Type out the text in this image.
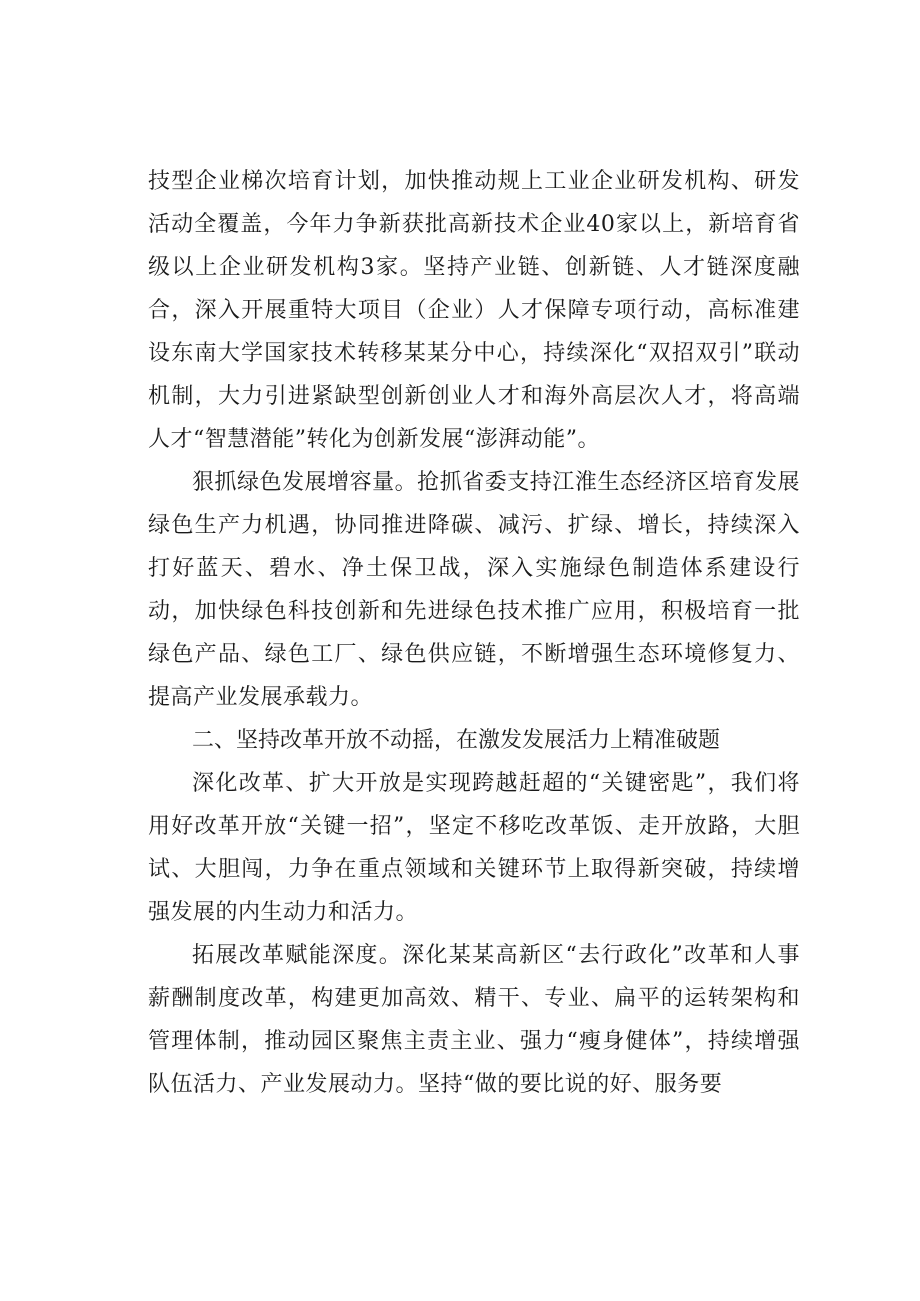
技型企业梯次培育计划，加快推动规上工业企业研发机构、研发活动全覆盖，今年力争新获批高新技术企业40家以上，新培育省级以上企业研发机构3家。坚持产业链、创新链、人才链深度融合，深入开展重特大项目（企业）人才保障专项行动，高标准建设东南大学国家技术转移某某分中心，持续深化“双招双引”联动机制，大力引进紧缺型创新创业人才和海外高层次人才，将高端人才“智慧潜能”转化为创新发展“澎湃动能”。

狠抓绿色发展增容量。抢抓省委支持江淮生态经济区培育发展绿色生产力机遇，协同推进降碳、减污、扩绿、增长，持续深入打好蓝天、碧水、净土保卫战，深入实施绿色制造体系建设行动，加快绿色科技创新和先进绿色技术推广应用，积极培育一批绿色产品、绿色工厂、绿色供应链，不断增强生态环境修复力、提高产业发展承载力。

二、坚持改革开放不动摇，在激发发展活力上精准破题

深化改革、扩大开放是实现跨越赶超的“关键密匙”，我们将用好改革开放“关键一招”，坚定不移吃改革饭、走开放路，大胆试、大胆闯，力争在重点领域和关键环节上取得新突破，持续增强发展的内生动力和活力。

拓展改革赋能深度。深化某某高新区“去行政化”改革和人事薪酬制度改革，构建更加高效、精干、专业、扁平的运转架构和管理体制，推动园区聚焦主责主业、强力“瘦身健体”，持续增强队伍活力、产业发展动力。坚持“做的要比说的好、服务要
